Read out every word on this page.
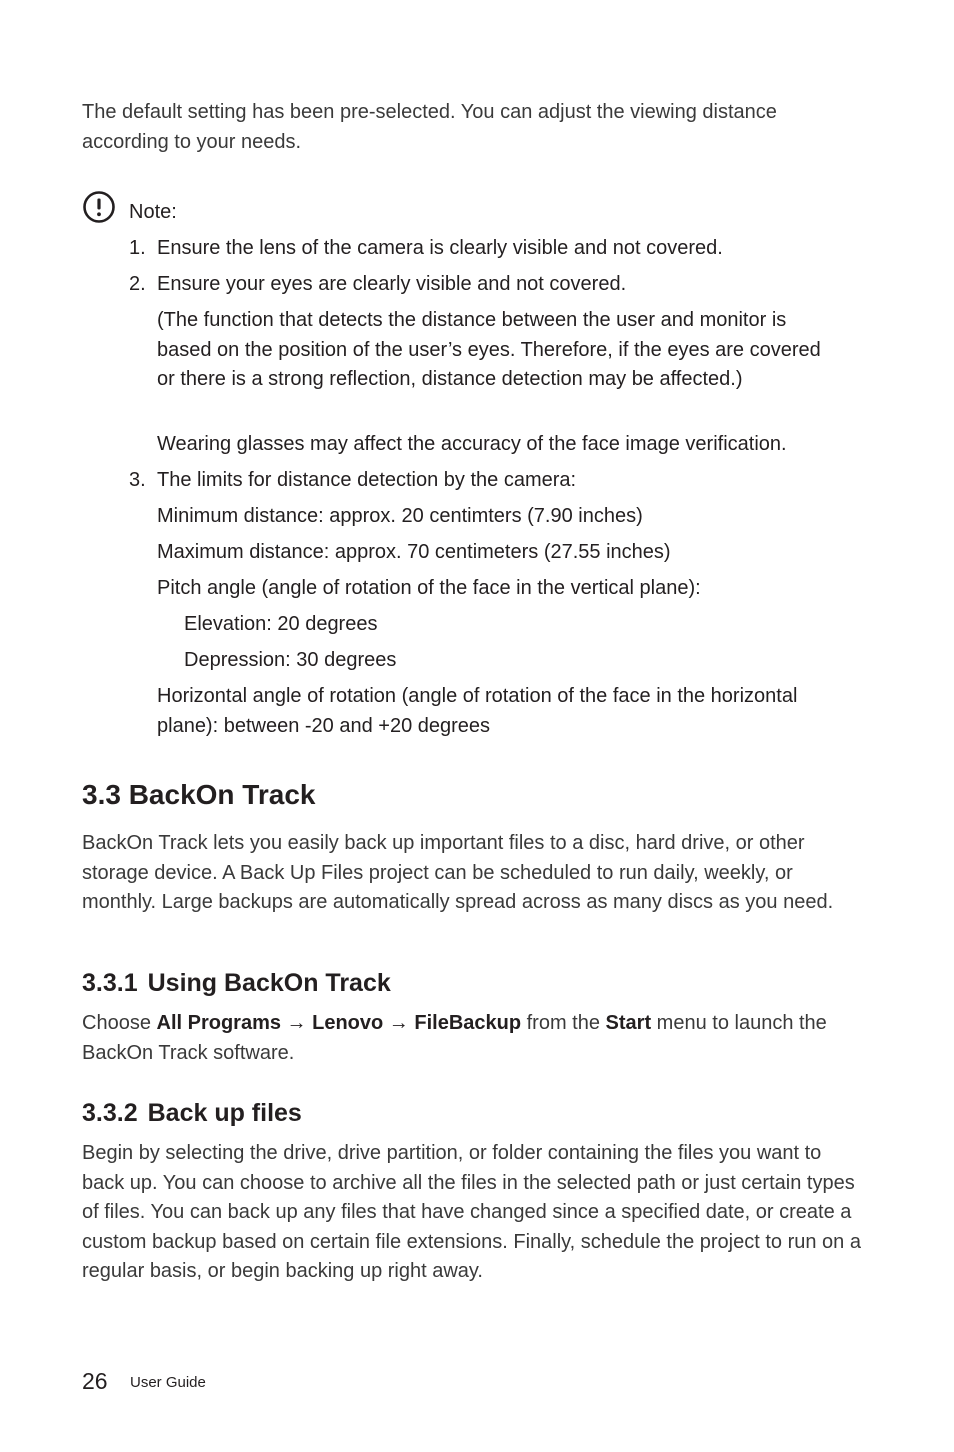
The default setting has been pre-selected. You can adjust the viewing distance according to your needs.

Note:
1. Ensure the lens of the camera is clearly visible and not covered.
2. Ensure your eyes are clearly visible and not covered.
(The function that detects the distance between the user and monitor is based on the position of the user’s eyes. Therefore, if the eyes are covered or there is a strong reflection, distance detection may be affected.)
Wearing glasses may affect the accuracy of the face image verification.
3. The limits for distance detection by the camera:
Minimum distance: approx. 20 centimters (7.90 inches)
Maximum distance: approx. 70 centimeters (27.55 inches)
Pitch angle (angle of rotation of the face in the vertical plane):
Elevation: 20 degrees
Depression: 30 degrees
Horizontal angle of rotation (angle of rotation of the face in the horizontal plane): between -20 and +20 degrees
3.3 BackOn Track

BackOn Track lets you easily back up important files to a disc, hard drive, or other storage device. A Back Up Files project can be scheduled to run daily, weekly, or monthly. Large backups are automatically spread across as many discs as you need.

3.3.1 Using BackOn Track

Choose All Programs → Lenovo → FileBackup from the Start menu to launch the BackOn Track software.

3.3.2 Back up files

Begin by selecting the drive, drive partition, or folder containing the files you want to back up. You can choose to archive all the files in the selected path or just certain types of files. You can back up any files that have changed since a specified date, or create a custom backup based on certain file extensions. Finally, schedule the project to run on a regular basis, or begin backing up right away.

26 User Guide
